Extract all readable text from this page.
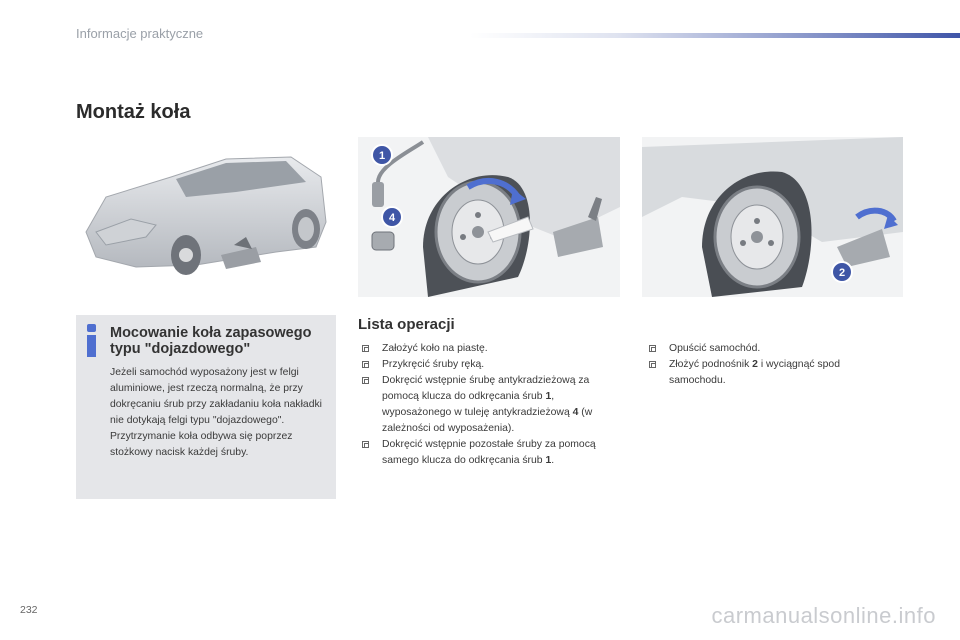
Informacje praktyczne
Montaż koła
1
4
2
Mocowanie koła zapasowego typu "dojazdowego"
Jeżeli samochód wyposażony jest w felgi aluminiowe, jest rzeczą normalną, że przy dokręcaniu śrub przy zakładaniu koła nakładki nie dotykają felgi typu "dojazdowego". Przytrzymanie koła odbywa się poprzez stożkowy nacisk każdej śruby.
Lista operacji
Założyć koło na piastę.
Przykręcić śruby ręką.
Dokręcić wstępnie śrubę antykradzieżową za pomocą klucza do odkręcania śrub 1, wyposażonego w tuleję antykradzieżową 4 (w zależności od wyposażenia).
Dokręcić wstępnie pozostałe śruby za pomocą samego klucza do odkręcania śrub 1.
Opuścić samochód.
Złożyć podnośnik 2 i wyciągnąć spod samochodu.
232	carmanualsonline.info
